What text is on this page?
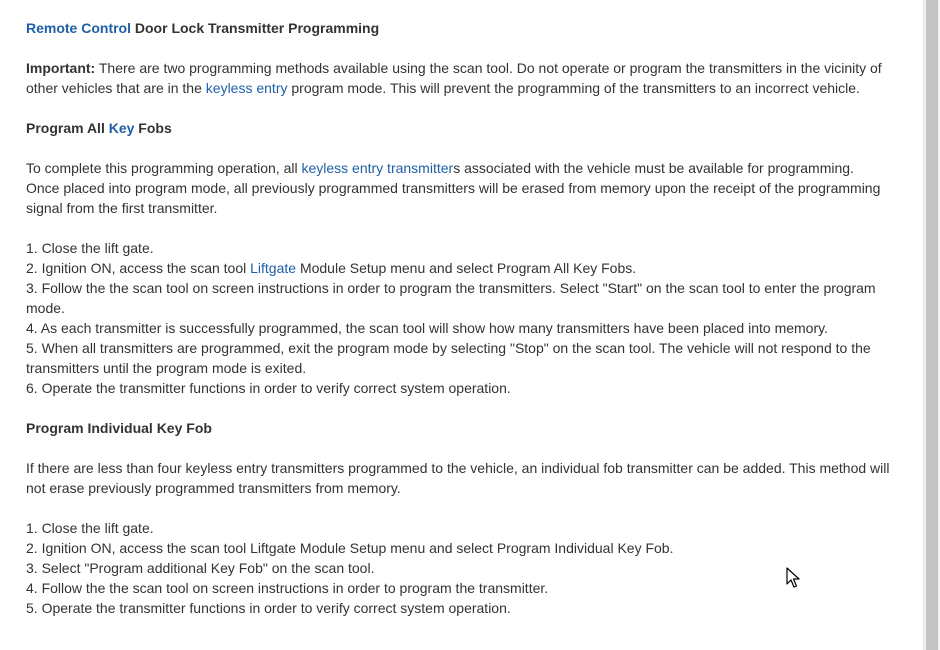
Remote Control Door Lock Transmitter Programming
Important: There are two programming methods available using the scan tool. Do not operate or program the transmitters in the vicinity of
other vehicles that are in the keyless entry program mode. This will prevent the programming of the transmitters to an incorrect vehicle.
Program All Key Fobs
To complete this programming operation, all keyless entry transmitters associated with the vehicle must be available for programming.
Once placed into program mode, all previously programmed transmitters will be erased from memory upon the receipt of the programming
signal from the first transmitter.
1. Close the lift gate.
2. Ignition ON, access the scan tool Liftgate Module Setup menu and select Program All Key Fobs.
3. Follow the the scan tool on screen instructions in order to program the transmitters. Select "Start" on the scan tool to enter the program
mode.
4. As each transmitter is successfully programmed, the scan tool will show how many transmitters have been placed into memory.
5. When all transmitters are programmed, exit the program mode by selecting "Stop" on the scan tool. The vehicle will not respond to the
transmitters until the program mode is exited.
6. Operate the transmitter functions in order to verify correct system operation.
Program Individual Key Fob
If there are less than four keyless entry transmitters programmed to the vehicle, an individual fob transmitter can be added. This method will
not erase previously programmed transmitters from memory.
1. Close the lift gate.
2. Ignition ON, access the scan tool Liftgate Module Setup menu and select Program Individual Key Fob.
3. Select "Program additional Key Fob" on the scan tool.
4. Follow the the scan tool on screen instructions in order to program the transmitter.
5. Operate the transmitter functions in order to verify correct system operation.
